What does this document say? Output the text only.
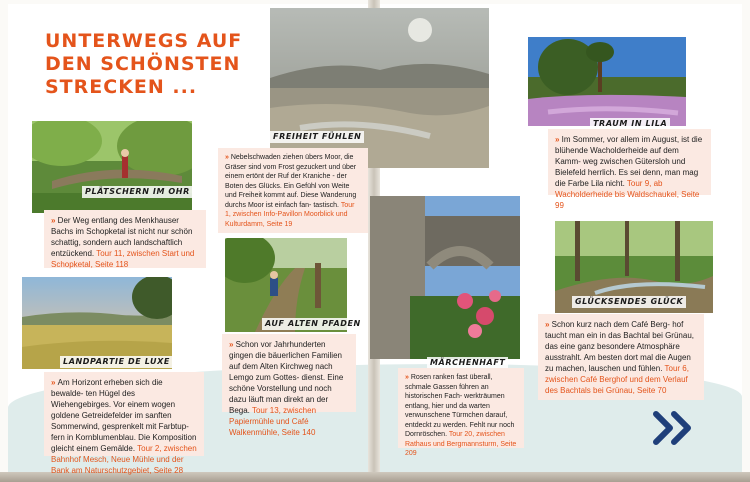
UNTERWEGS AUF
DEN SCHÖNSTEN
STRECKEN ...
PLÄTSCHERN IM OHR
FREIHEIT FÜHLEN
LANDPARTIE DE LUXE
AUF ALTEN PFADEN
TRAUM IN LILA
MÄRCHENHAFT
GLÜCKSENDES GLÜCK
» Der Weg entlang des Menkhauser Bachs im Schopketal ist nicht nur schön schattig, sondern auch landschaftlich entzückend. Tour 11, zwischen Start und Schopketal, Seite 118
» Nebelschwaden ziehen übers Moor, die Gräser sind vom Frost gezuckert und über einem ertönt der Ruf der Kraniche - der Boten des Glücks. Ein Gefühl von Weite und Freiheit kommt auf. Diese Wanderung durchs Moor ist einfach fan- tastisch. Tour 1, zwischen Info-Pavillon Moorblick und Kulturdamm, Seite 19
» Am Horizont erheben sich die bewalde- ten Hügel des Wiehengebirges. Vor einem wogen goldene Getreidefelder im sanften Sommerwind, gesprenkelt mit Farbtup- fern in Kornblumenblau. Die Komposition gleicht einem Gemälde. Tour 2, zwischen Bahnhof Mesch, Neue Mühle und der Bank am Naturschutzgebiet, Seite 28
» Schon vor Jahrhunderten gingen die bäuerlichen Familien auf dem Alten Kirchweg nach Lemgo zum Gottes- dienst. Eine schöne Vorstellung und noch dazu läuft man direkt an der Bega. Tour 13, zwischen Papiermühle und Café Walkenmühle, Seite 140
» Im Sommer, vor allem im August, ist die blühende Wacholderheide auf dem Kamm- weg zwischen Gütersloh und Bielefeld herrlich. Es sei denn, man mag die Farbe Lila nicht. Tour 9, ab Wacholderheide bis Waldschaukel, Seite 99
» Rosen ranken fast überall, schmale Gassen führen an historischen Fach- werkträumen entlang, hier und da warten verwunschene Türmchen darauf, entdeckt zu werden. Fehlt nur noch Dornröschen. Tour 20, zwischen Rathaus und Bergmannsturm, Seite 209
» Schon kurz nach dem Café Berg- hof taucht man ein in das Bachtal bei Grünau, das eine ganz besondere Atmosphäre ausstrahlt. Am besten dort mal die Augen zu machen, lauschen und fühlen. Tour 6, zwischen Café Berghof und dem Verlauf des Bachtals bei Grünau, Seite 70
